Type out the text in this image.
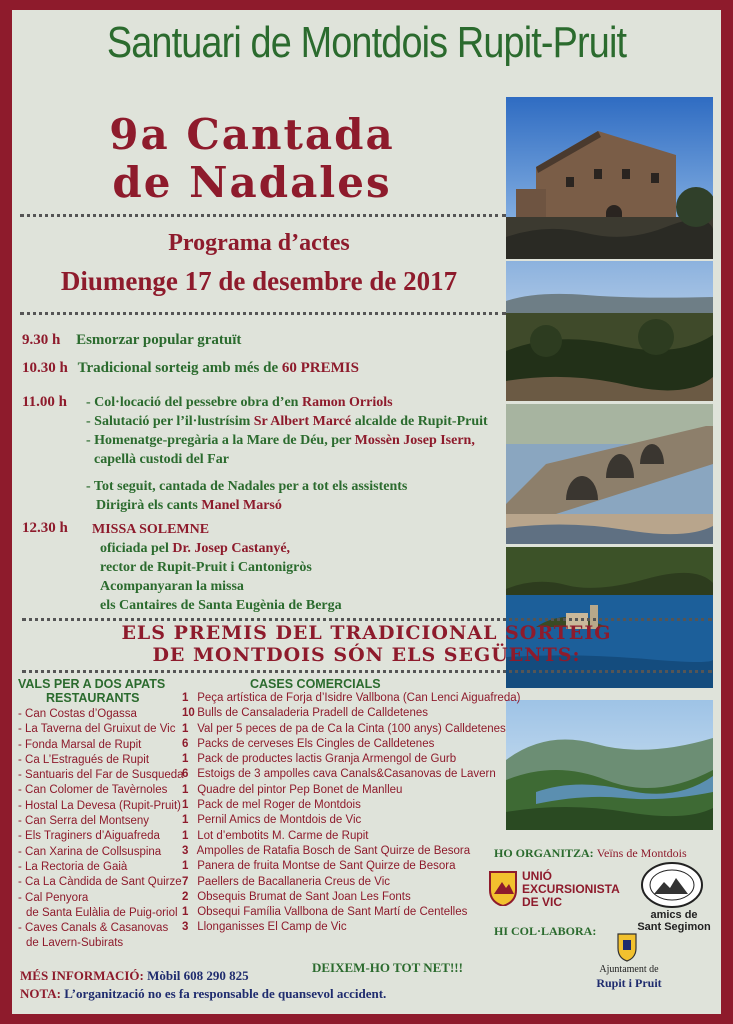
Santuari de Montdois Rupit-Pruit
9a Cantada
de Nadales
Programa d’actes
Diumenge 17 de desembre de 2017
9.30 h Esmorzar popular gratuït
10.30 h Tradicional sorteig amb més de 60 PREMIS
11.00 h - Col·locació del pessebre obra d’en Ramon Orriols
- Salutació per l’il·lustrísim Sr Albert Marcé alcalde de Rupit-Pruit
- Homenatge-pregària a la Mare de Déu, per Mossèn Josep Isern,
capellà custodi del Far
- Tot seguit, cantada de Nadales per a tot els assistents
Dirigirà els cants Manel Marsó
12.30 h MISSA SOLEMNE
oficiada pel Dr. Josep Castanyé,
rector de Rupit-Pruit i Cantonigròs
Acompanyaran la missa
els Cantaires de Santa Eugènia de Berga
ELS PREMIS DEL TRADICIONAL SORTEIG
DE MONTDOIS SÓN ELS SEGÜENTS:
VALS PER A DOS APATS
RESTAURANTS
- Can Costas d’Ogassa
- La Taverna del Gruixut de Vic
- Fonda Marsal de Rupit
- Ca L’Estragués de Rupit
- Santuaris del Far de Susqueda
- Can Colomer de Tavèrnoles
- Hostal La Devesa (Rupit-Pruit)
- Can Serra del Montseny
- Els Traginers d’Aiguafreda
- Can Xarina de Collsuspina
- La Rectoria de Gaià
- Ca La Càndida de Sant Quirze
- Cal Penyora
de Santa Eulàlia de Puig-oriol
- Caves Canals & Casanovas
de Lavern-Subirats
CASES COMERCIALS
1 Peça artística de Forja d’Isidre Vallbona (Can Lenci Aiguafreda)
10 Bulls de Cansaladeria Pradell de Calldetenes
1 Val per 5 peces de pa de Ca la Cinta (100 anys) Calldetenes
6 Packs de cerveses Els Cingles de Calldetenes
1 Pack de productes lactis Granja Armengol de Gurb
6 Estoigs de 3 ampolles cava Canals&Casanovas de Lavern
1 Quadre del pintor Pep Bonet de Manlleu
1 Pack de mel Roger de Montdois
1 Pernil Amics de Montdois de Vic
1 Lot d’embotits M. Carme de Rupit
3 Ampolles de Ratafia Bosch de Sant Quirze de Besora
1 Panera de fruita Montse de Sant Quirze de Besora
7 Paellers de Bacallaneria Creus de Vic
2 Obsequis Brumat de Sant Joan Les Fonts
1 Obsequi Família Vallbona de Sant Martí de Centelles
3 Llonganisses El Camp de Vic
HO ORGANITZA: Veïns de Montdois
UNIÓ
EXCURSIONISTA
DE VIC
amics de
Sant Segimon
HI COL·LABORA:
Ajuntament de
Rupit i Pruit
DEIXEM-HO TOT NET!!!
MÉS INFORMACIÓ: Mòbil 608 290 825
NOTA: L’organització no es fa responsable de quansevol accident.
